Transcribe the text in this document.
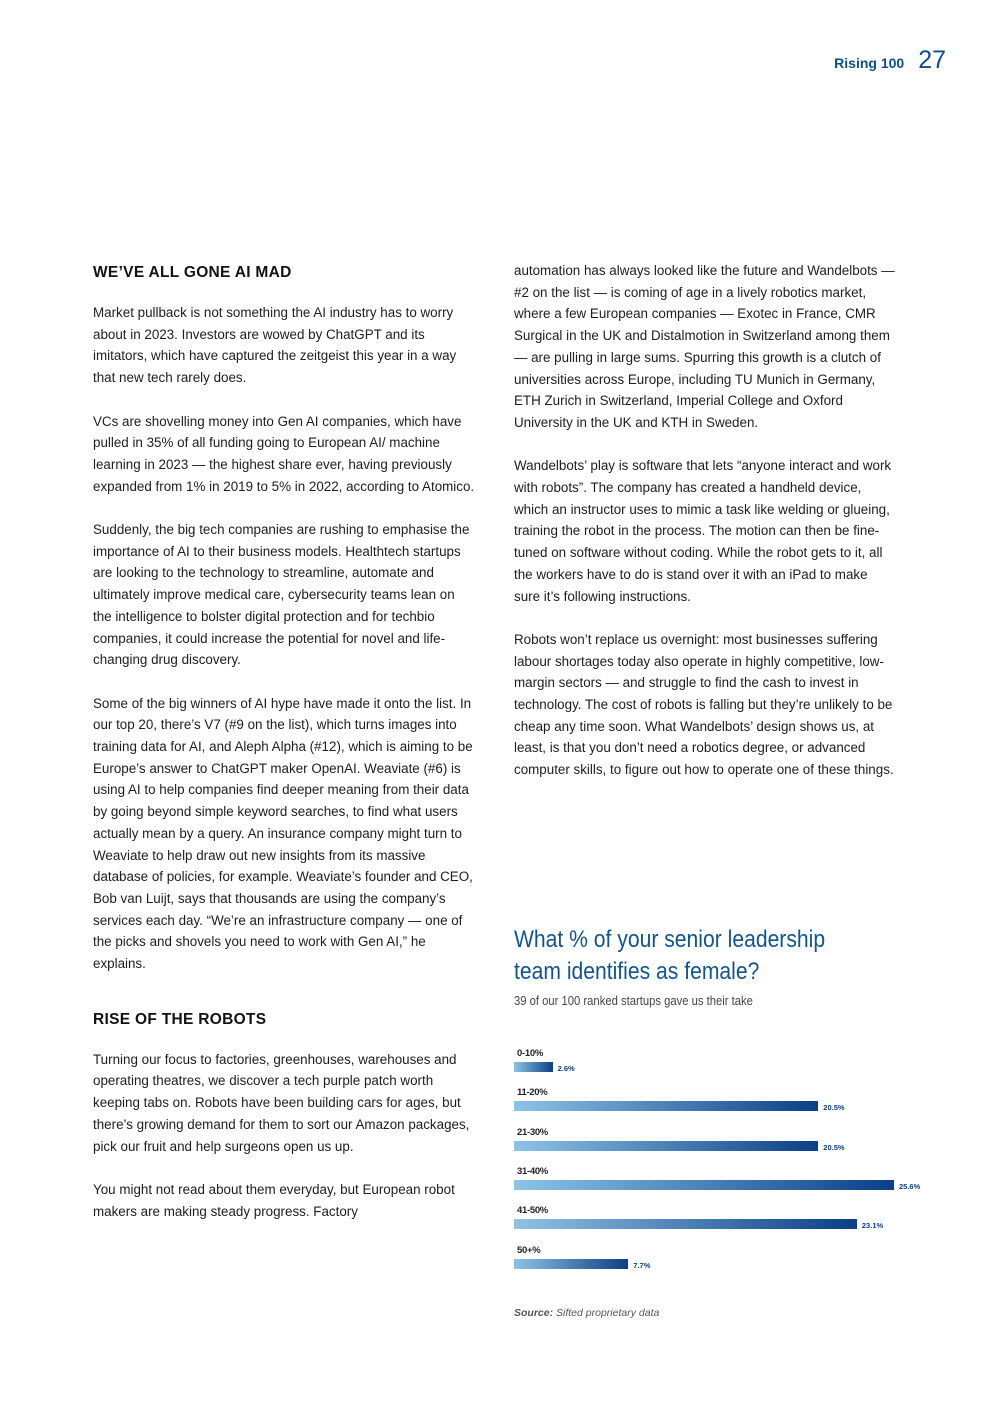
Rising 100 27
WE’VE ALL GONE AI MAD

Market pullback is not something the AI industry has to worry about in 2023. Investors are wowed by ChatGPT and its imitators, which have captured the zeitgeist this year in a way that new tech rarely does.

VCs are shovelling money into Gen AI companies, which have pulled in 35% of all funding going to European AI/ machine learning in 2023 — the highest share ever, having previously expanded from 1% in 2019 to 5% in 2022, according to Atomico.

Suddenly, the big tech companies are rushing to emphasise the importance of AI to their business models. Healthtech startups are looking to the technology to streamline, automate and ultimately improve medical care, cybersecurity teams lean on the intelligence to bolster digital protection and for techbio companies, it could increase the potential for novel and life-changing drug discovery.

Some of the big winners of AI hype have made it onto the list. In our top 20, there’s V7 (#9 on the list), which turns images into training data for AI, and Aleph Alpha (#12), which is aiming to be Europe’s answer to ChatGPT maker OpenAI. Weaviate (#6) is using AI to help companies find deeper meaning from their data by going beyond simple keyword searches, to find what users actually mean by a query. An insurance company might turn to Weaviate to help draw out new insights from its massive database of policies, for example. Weaviate’s founder and CEO, Bob van Luijt, says that thousands are using the company’s services each day. “We’re an infrastructure company — one of the picks and shovels you need to work with Gen AI,” he explains.

RISE OF THE ROBOTS

Turning our focus to factories, greenhouses, warehouses and operating theatres, we discover a tech purple patch worth keeping tabs on. Robots have been building cars for ages, but there’s growing demand for them to sort our Amazon packages, pick our fruit and help surgeons open us up.

You might not read about them everyday, but European robot makers are making steady progress. Factory

automation has always looked like the future and Wandelbots — #2 on the list — is coming of age in a lively robotics market, where a few European companies — Exotec in France, CMR Surgical in the UK and Distalmotion in Switzerland among them — are pulling in large sums. Spurring this growth is a clutch of universities across Europe, including TU Munich in Germany, ETH Zurich in Switzerland, Imperial College and Oxford University in the UK and KTH in Sweden.

Wandelbots’ play is software that lets “anyone interact and work with robots”. The company has created a handheld device, which an instructor uses to mimic a task like welding or glueing, training the robot in the process. The motion can then be fine-tuned on software without coding. While the robot gets to it, all the workers have to do is stand over it with an iPad to make sure it’s following instructions.

Robots won’t replace us overnight: most businesses suffering labour shortages today also operate in highly competitive, low-margin sectors — and struggle to find the cash to invest in technology. The cost of robots is falling but they’re unlikely to be cheap any time soon. What Wandelbots’ design shows us, at least, is that you don’t need a robotics degree, or advanced computer skills, to figure out how to operate one of these things.

What % of your senior leadership team identifies as female?
39 of our 100 ranked startups gave us their take
0-10%
2.6%
11-20%
20.5%
21-30%
20.5%
31-40%
25.6%
41-50%
23.1%
50+%
7.7%
Source: Sifted proprietary data
